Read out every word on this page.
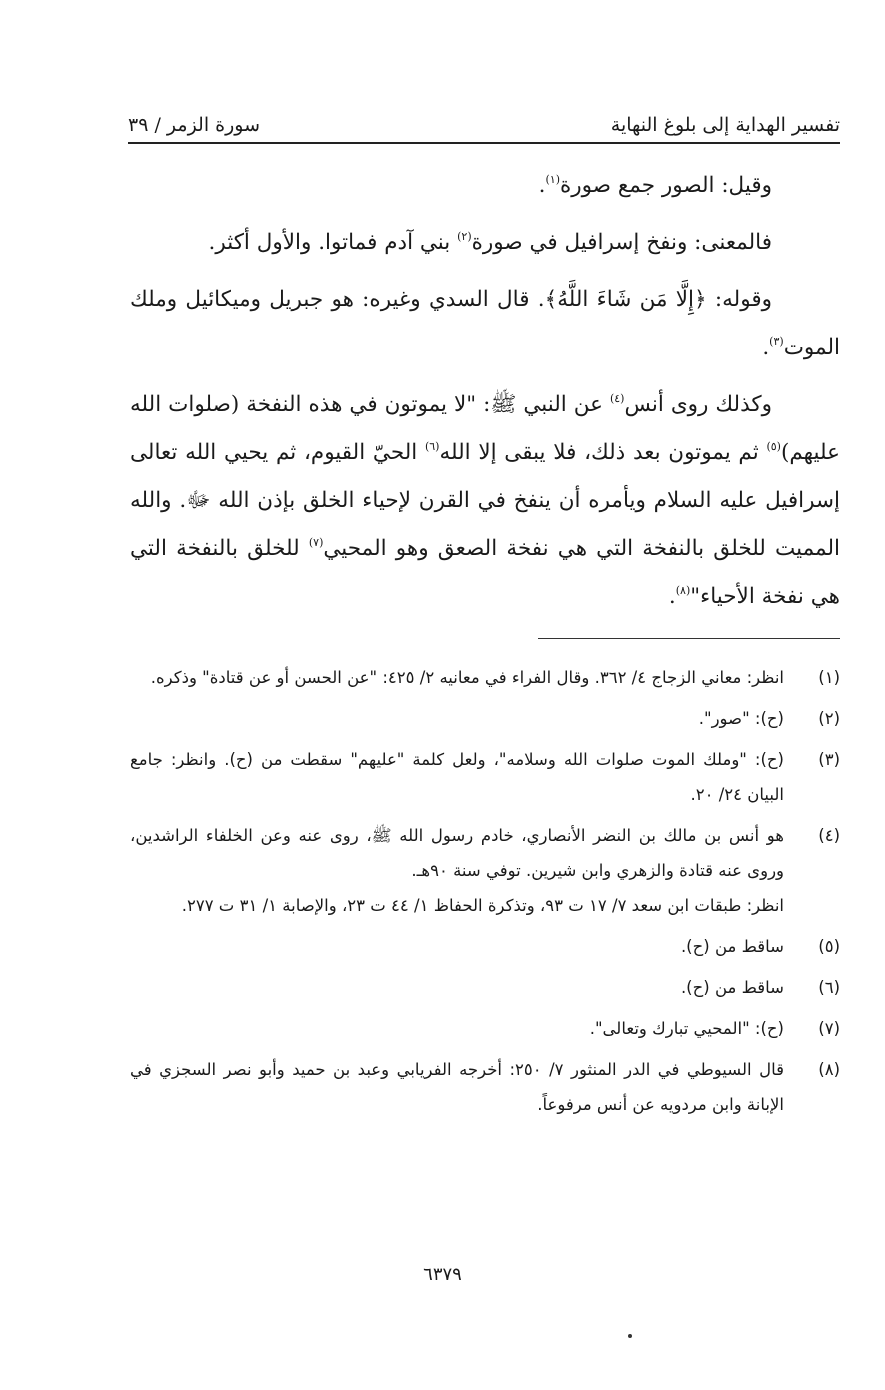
تفسير الهداية إلى بلوغ النهاية
سورة الزمر / ٣٩

وقيل: الصور جمع صورة$^{(١)}$.

فالمعنى: ونفخ إسرافيل في صورة$^{(٢)}$ بني آدم فماتوا. والأول أكثر.

وقوله: ﴿إِلَّا مَن شَاءَ اللَّهُ﴾. قال السدي وغيره: هو جبريل وميكائيل وملك الموت$^{(٣)}$.

وكذلك روى أنس$^{(٤)}$ عن النبي ﷺ: "لا يموتون في هذه النفخة (صلوات الله عليهم)$^{(٥)}$ ثم يموتون بعد ذلك، فلا يبقى إلا الله$^{(٦)}$ الحيّ القيوم، ثم يحيي الله تعالى إسرافيل عليه السلام ويأمره أن ينفخ في القرن لإحياء الخلق بإذن الله ﷻ. والله المميت للخلق بالنفخة التي هي نفخة الصعق وهو المحيي$^{(٧)}$ للخلق بالنفخة التي هي نفخة الأحياء"$^{(٨)}$.

(١)
انظر: معاني الزجاج ٤/ ٣٦٢. وقال الفراء في معانيه ٢/ ٤٢٥: "عن الحسن أو عن قتادة" وذكره.
(٢)
(ح): "صور".
(٣)
(ح): "وملك الموت صلوات الله وسلامه"، ولعل كلمة "عليهم" سقطت من (ح). وانظر: جامع البيان ٢٤/ ٢٠.
(٤)
هو أنس بن مالك بن النضر الأنصاري، خادم رسول الله ﷺ، روى عنه وعن الخلفاء الراشدين، وروى عنه قتادة والزهري وابن شيرين. توفي سنة ٩٠هـ.
انظر: طبقات ابن سعد ٧/ ١٧ ت ٩٣، وتذكرة الحفاظ ١/ ٤٤ ت ٢٣، والإصابة ١/ ٣١ ت ٢٧٧.
(٥)
ساقط من (ح).
(٦)
ساقط من (ح).
(٧)
(ح): "المحيي تبارك وتعالى".
(٨)
قال السيوطي في الدر المنثور ٧/ ٢٥٠: أخرجه الفريابي وعبد بن حميد وأبو نصر السجزي في الإبانة وابن مردويه عن أنس مرفوعاً.
٦٣٧٩
